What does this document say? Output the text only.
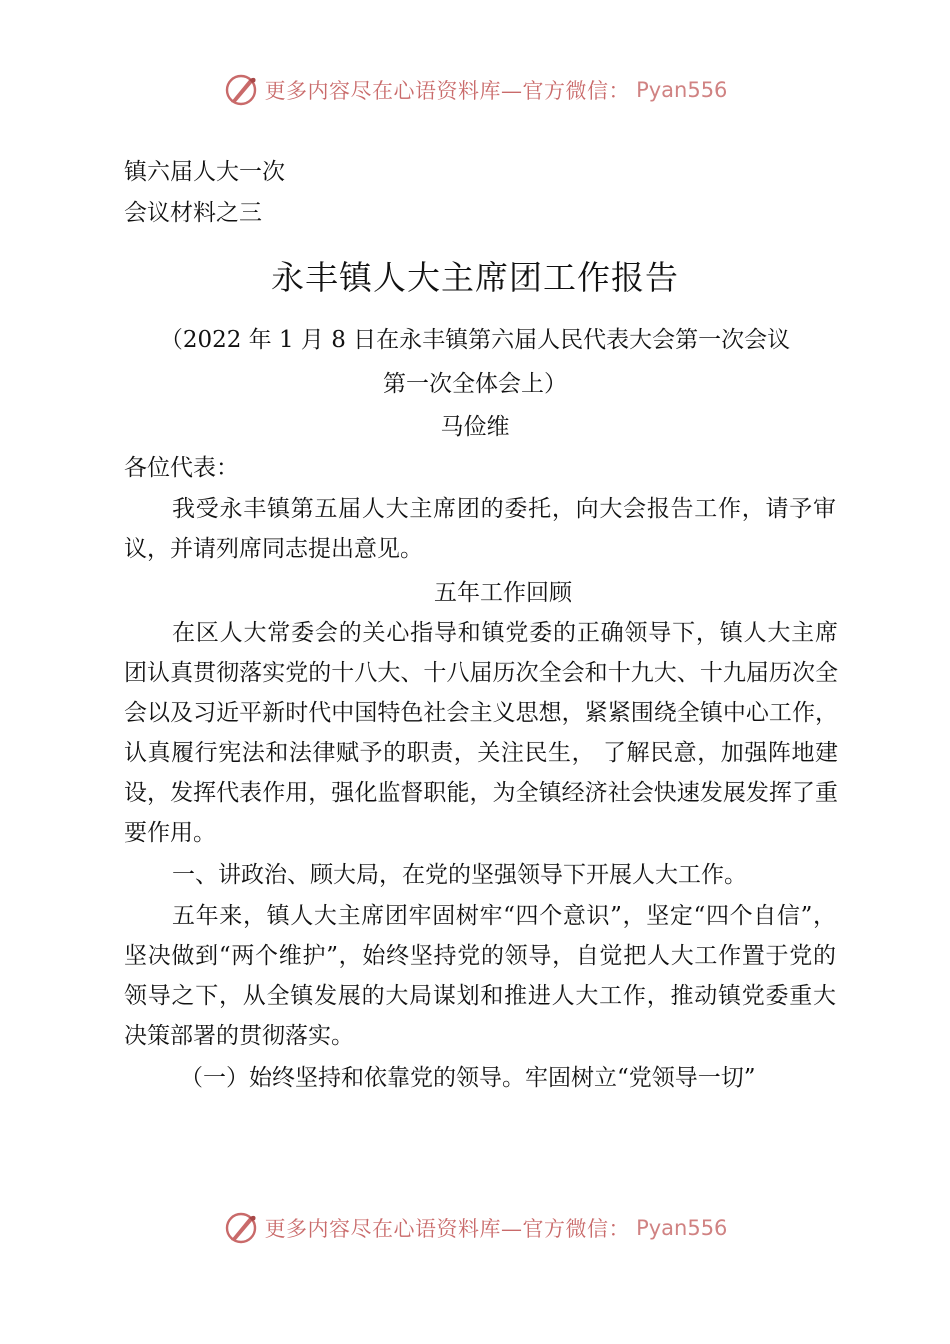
更多内容尽在心语资料库—官方微信： Pyan556
镇六届人大一次
会议材料之三
永丰镇人大主席团工作报告
（2022 年 1 月 8 日在永丰镇第六届人民代表大会第一次会议
第一次全体会上）
马俭维
各位代表：
我受永丰镇第五届人大主席团的委托，向大会报告工作，请予审议，并请列席同志提出意见。
五年工作回顾
在区人大常委会的关心指导和镇党委的正确领导下，镇人大主席团认真贯彻落实党的十八大、十八届历次全会和十九大、十九届历次全会以及习近平新时代中国特色社会主义思想，紧紧围绕全镇中心工作，认真履行宪法和法律赋予的职责，关注民生， 了解民意，加强阵地建设，发挥代表作用，强化监督职能，为全镇经济社会快速发展发挥了重要作用。
一、讲政治、顾大局，在党的坚强领导下开展人大工作。
五年来，镇人大主席团牢固树牢“四个意识”，坚定“四个自信”，坚决做到“两个维护”，始终坚持党的领导，自觉把人大工作置于党的领导之下，从全镇发展的大局谋划和推进人大工作，推动镇党委重大决策部署的贯彻落实。
（一）始终坚持和依靠党的领导。牢固树立“党领导一切”
更多内容尽在心语资料库—官方微信： Pyan556
